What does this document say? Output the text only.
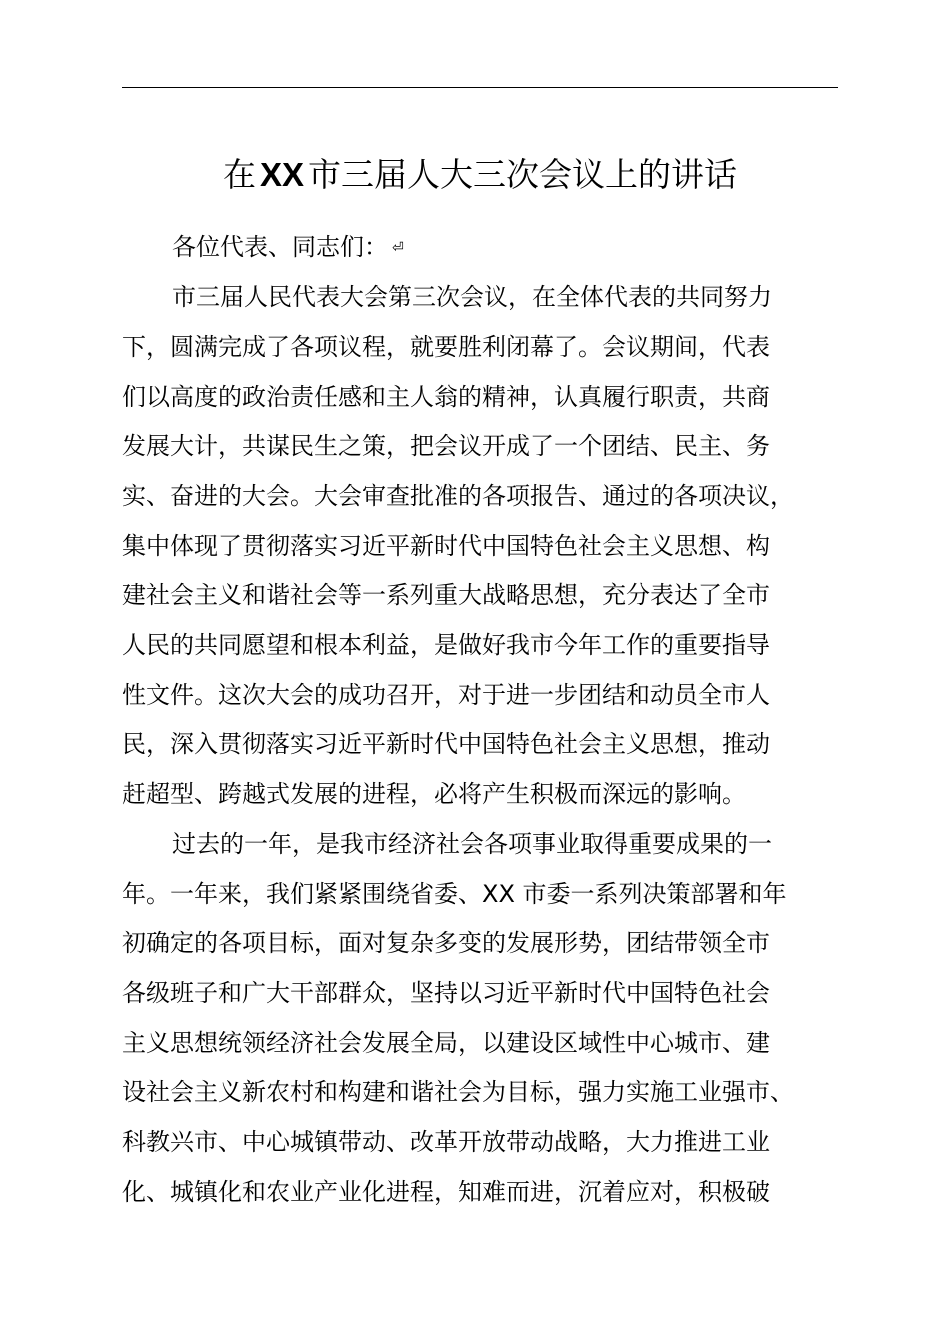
在 XX 市三届人大三次会议上的讲话

各位代表、同志们： ⏎

市三届人民代表大会第三次会议，在全体代表的共同努力

下，圆满完成了各项议程，就要胜利闭幕了。会议期间，代表

们以高度的政治责任感和主人翁的精神，认真履行职责，共商

发展大计，共谋民生之策，把会议开成了一个团结、民主、务

实、奋进的大会。大会审查批准的各项报告、通过的各项决议，

集中体现了贯彻落实习近平新时代中国特色社会主义思想、构

建社会主义和谐社会等一系列重大战略思想，充分表达了全市

人民的共同愿望和根本利益，是做好我市今年工作的重要指导

性文件。这次大会的成功召开，对于进一步团结和动员全市人

民，深入贯彻落实习近平新时代中国特色社会主义思想，推动

赶超型、跨越式发展的进程，必将产生积极而深远的影响。

过去的一年，是我市经济社会各项事业取得重要成果的一

年。一年来，我们紧紧围绕省委、XX 市委一系列决策部署和年

初确定的各项目标，面对复杂多变的发展形势，团结带领全市

各级班子和广大干部群众，坚持以习近平新时代中国特色社会

主义思想统领经济社会发展全局，以建设区域性中心城市、建

设社会主义新农村和构建和谐社会为目标，强力实施工业强市、

科教兴市、中心城镇带动、改革开放带动战略，大力推进工业

化、城镇化和农业产业化进程，知难而进，沉着应对，积极破
